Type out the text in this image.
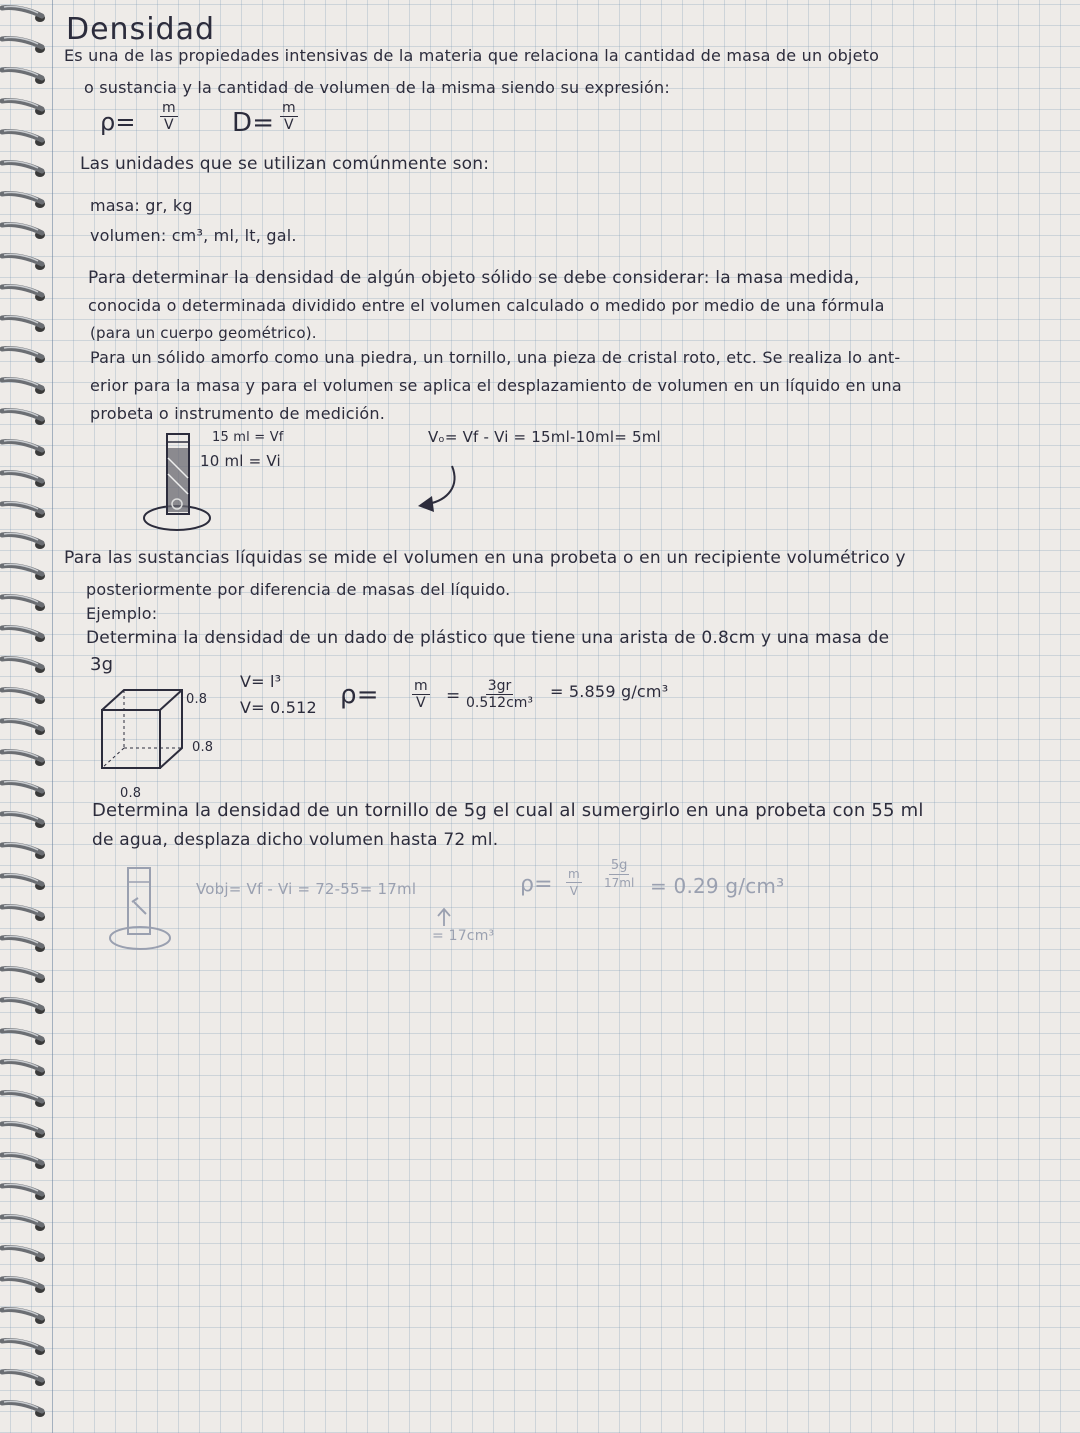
Densidad
Es una de las propiedades intensivas de la materia que relaciona la cantidad de masa de un objeto
o sustancia y la cantidad de volumen de la misma siendo su expresión:
$\rho= \frac{m}{V} D= \frac{m}{V}$
Las unidades que se utilizan comúnmente son:
masa: gr, kg
volumen: cm³, ml, lt, gal.
Para determinar la densidad de algún objeto sólido se debe considerar: la masa medida,
conocida o determinada dividido entre el volumen calculado o medido por medio de una fórmula
(para un cuerpo geométrico).
Para un sólido amorfo como una piedra, un tornillo, una pieza de cristal roto, etc. Se realiza lo ant-
erior para la masa y para el volumen se aplica el desplazamiento de volumen en un líquido en una
probeta o instrumento de medición.
15 ml = Vf
10 ml = Vi
Vₒ= Vf - Vi = 15ml-10ml= 5ml
Para las sustancias líquidas se mide el volumen en una probeta o en un recipiente volumétrico y
posteriormente por diferencia de masas del líquido.
Ejemplo:
Determina la densidad de un dado de plástico que tiene una arista de 0.8cm y una masa de
3g
0.8
0.8
0.8
V= l³
V= 0.512 $\rho= \frac{m}{V} = \frac{3gr}{\text{0.512cm³}} = 5.859$ g/cm³
Determina la densidad de un tornillo de 5g el cual al sumergirlo en una probeta con 55 ml
de agua, desplaza dicho volumen hasta 72 ml.
Vobj= Vf - Vi = 72-55= 17ml	$\rho= \frac{m}{V} \frac{5g}{17ml} = 0.29$ g/cm³
= 17cm³
